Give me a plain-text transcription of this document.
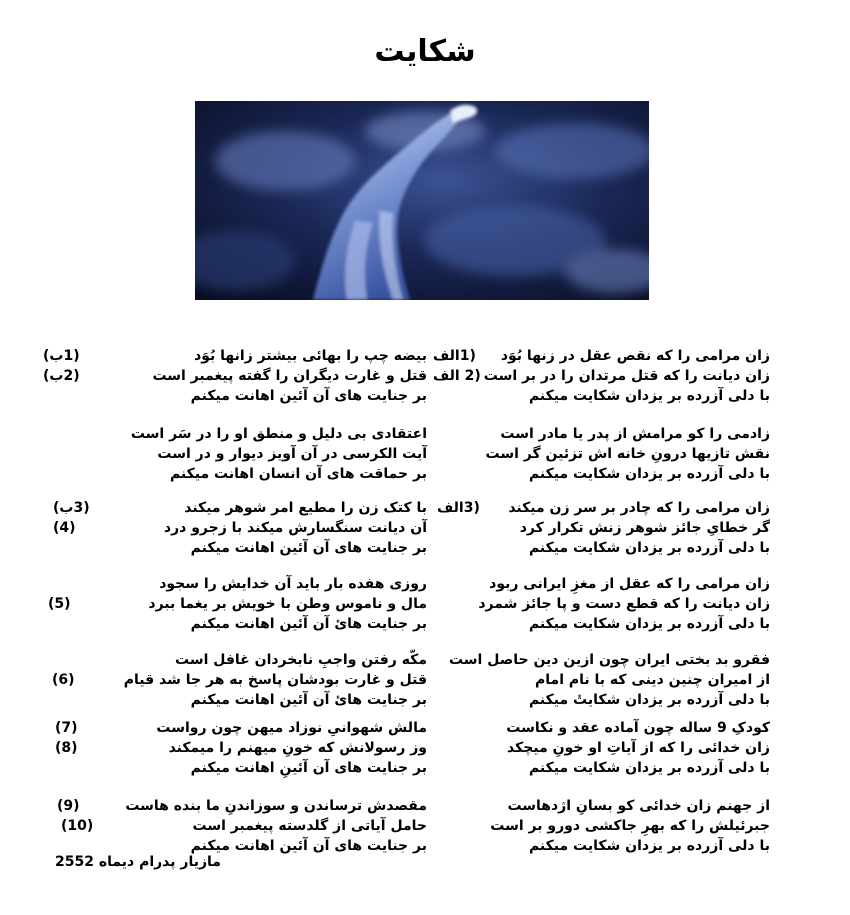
شکایت
زان مرامی را که نقص عقل در زنها بُوَد
زان دیانت را که قتل مرتدان را در بر است
با دلی آزرده بر یزدان شکایت میکنم
(1الف
(2 الف
زادمی را کو مرامش از پدر یا مادر است
نقش تازیها درونِ خانه اش تزئین گر است
با دلی آزرده بر یزدان شکایت میکنم
زان مرامی را که چادر بر سر زن میکند
گر خطایِ جائز شوهر زنش تکرار کرد
با دلی آزرده بر یزدان شکایت میکنم
(3الف
زان مرامی را که عقل از مغزِ ایرانی ربود
زان دیانت را که قطع دست و پا جائز شمرد
با دلی آزرده بر یزدان شکایت میکنم
فقرو بد بختی ایران چون ازین دین حاصل است
از امیران چنین دینی که با نام امام
با دلی آزرده بر یزدان شکایتٔ میکنم
کودکِ 9 ساله چون آماده عقد و نکاست
زان خدائی را که از آیاتِ او خونِ میچکد
با دلی آزرده بر یزدان شکایت میکنم
از جهنم زان خدائی کو بسانِ اژدهاست
جبرئیلش را که بهرِ جاکشی دورو بر است
با دلی آزرده بر یزدان شکایت میکنم
بیضه چپ را بهائی بیشتر زانها بُوَد
قتل و غارت دیگران را گفته پیغمبر است
بر جنایت های آن آئین اهانت میکنم
(1ب)
(2ب)
اعتقادی بی دلیل و منطق او را در سَر است
آیت الکرسی در آن آویز دیوار و در است
بر حماقت های آن انسان اهانت میکنم
با کتک زن را مطیع امر شوهر میکند
آن دیانت سنگسارش میکند با زجرو درد
بر جنایت های آن آئین اهانت میکنم
(3ب)
(4)
روزی هفده بار باید آن خدایش را سجود
مال و ناموس وطن با خویش بر یغما ببرد
بر جنایت هایٔ آن آئین اهانت میکنم
(5)
مکّه رفتن واجبِ نابخردان غافل است
قتل و غارت بودشان پاسخ به هر جا شد قیام
بر جنایت هایٔ آن آئین اهانت میکنم
(6)
مالش شهوانیِ نوزاد میهن چون رواست
وز رسولانش که خونِ میهنم را میمکند
بر جنایت های آن آئینِ اهانت میکنم
(7)
(8)
مقصدش ترساندن و سوزاندنِ ما بنده هاست
حامل آیاتی از گلدسته پیغمبر است
بر جنایت های آن آئین اهانت میکنم
(9)
(10)
مازیار پدرام دیماه 2552
